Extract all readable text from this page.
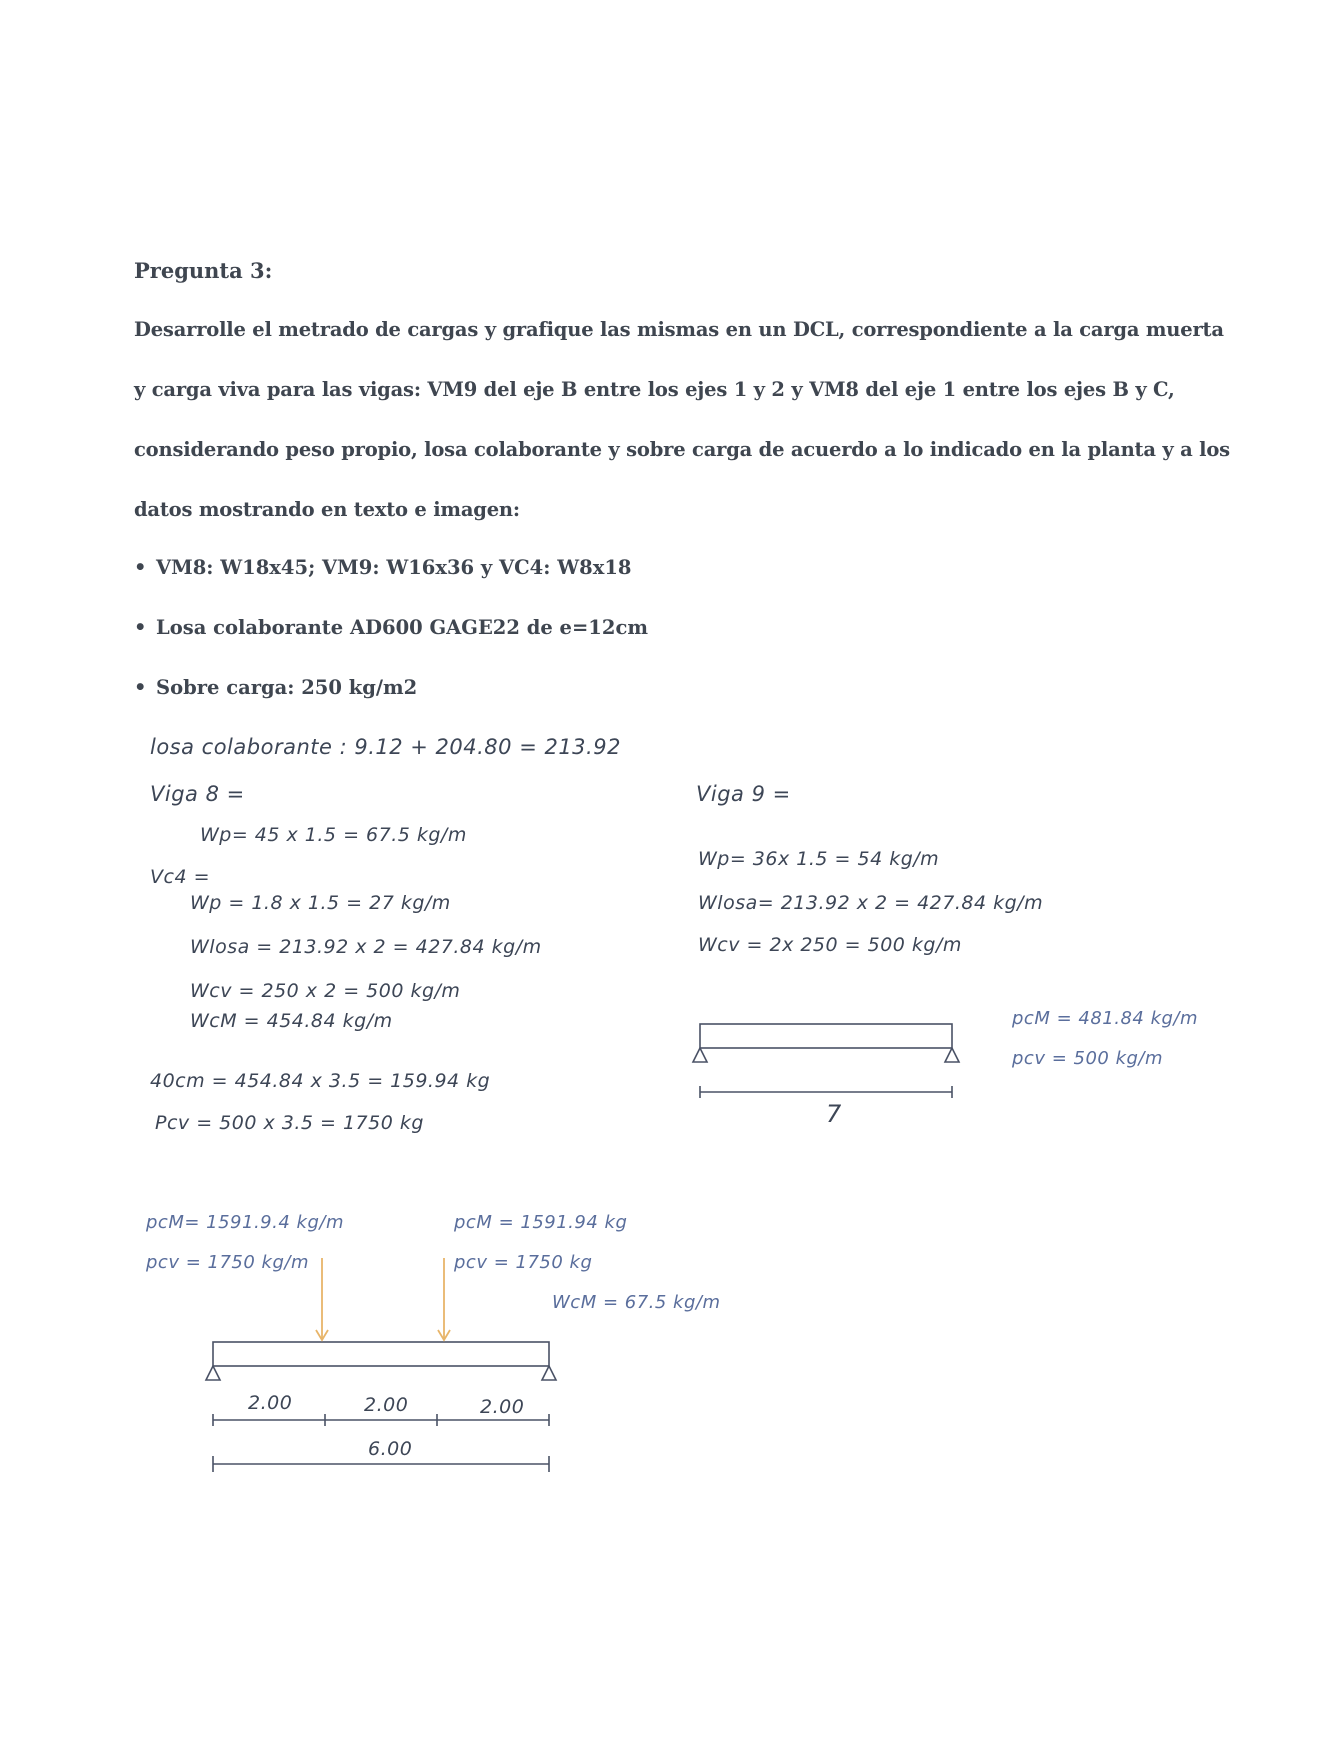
Pregunta 3:
Desarrolle el metrado de cargas y grafique las mismas en un DCL, correspondiente a la carga muerta
y carga viva para las vigas: VM9 del eje B entre los ejes 1 y 2 y VM8 del eje 1 entre los ejes B y C,
considerando peso propio, losa colaborante y sobre carga de acuerdo a lo indicado en la planta y a los
datos mostrando en texto e imagen:
• VM8: W18x45; VM9: W16x36 y VC4: W8x18
• Losa colaborante AD600 GAGE22 de e=12cm
• Sobre carga: 250 kg/m2
losa colaborante : 9.12 + 204.80 = 213.92
Viga 8 =
Wp= 45 x 1.5 = 67.5 kg/m
Vc4 =
Wp = 1.8 x 1.5 = 27 kg/m
Wlosa = 213.92 x 2 = 427.84 kg/m
Wcv = 250 x 2 = 500 kg/m
WcM = 454.84 kg/m
40cm = 454.84 x 3.5 = 159.94 kg
Pcv = 500 x 3.5 = 1750 kg
Viga 9 =
Wp= 36x 1.5 = 54 kg/m
Wlosa= 213.92 x 2 = 427.84 kg/m
Wcv = 2x 250 = 500 kg/m
pcM = 481.84 kg/m
pcv = 500 kg/m
7
pcM= 1591.9.4 kg/m
pcv = 1750 kg/m
pcM = 1591.94 kg
pcv = 1750 kg
WcM = 67.5 kg/m
2.00	2.00	2.00
6.00
